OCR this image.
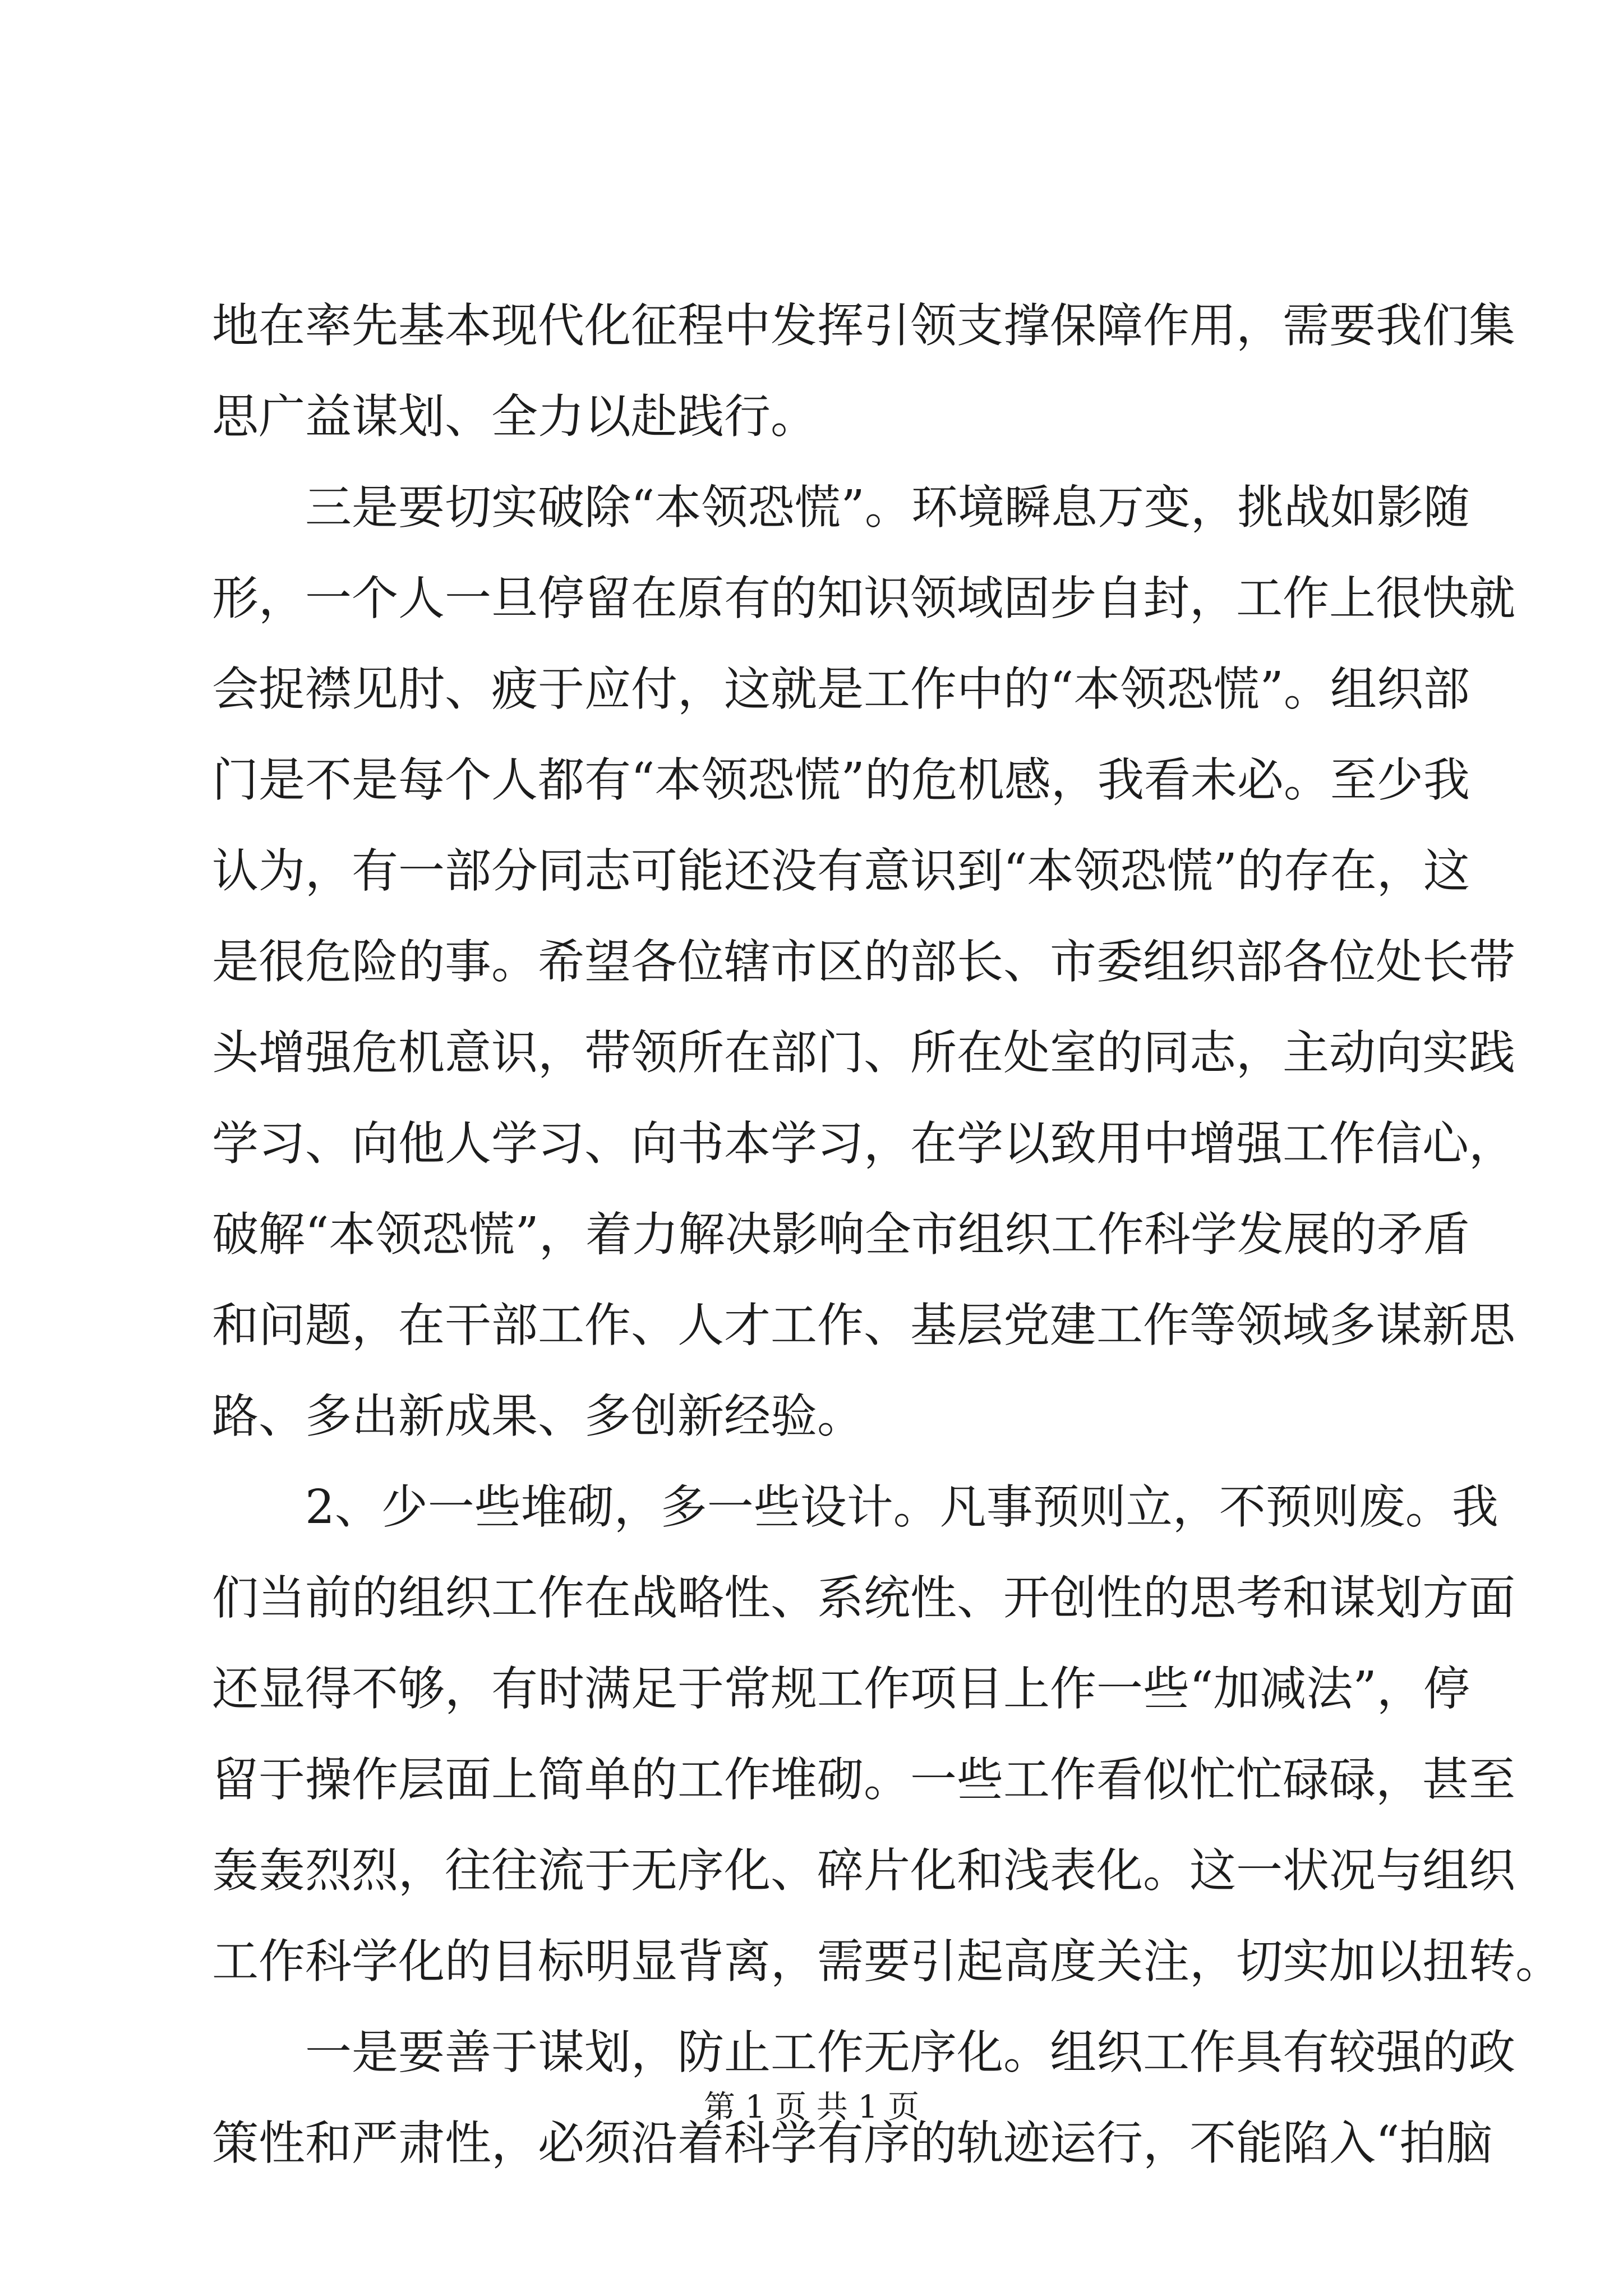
地在率先基本现代化征程中发挥引领支撑保障作用，需要我们集
思广益谋划、全力以赴践行。
三是要切实破除“本领恐慌”。环境瞬息万变，挑战如影随
形，一个人一旦停留在原有的知识领域固步自封，工作上很快就
会捉襟见肘、疲于应付，这就是工作中的“本领恐慌”。组织部
门是不是每个人都有“本领恐慌”的危机感，我看未必。至少我
认为，有一部分同志可能还没有意识到“本领恐慌”的存在，这
是很危险的事。希望各位辖市区的部长、市委组织部各位处长带
头增强危机意识，带领所在部门、所在处室的同志，主动向实践
学习、向他人学习、向书本学习，在学以致用中增强工作信心，
破解“本领恐慌”，着力解决影响全市组织工作科学发展的矛盾
和问题，在干部工作、人才工作、基层党建工作等领域多谋新思
路、多出新成果、多创新经验。
2、少一些堆砌，多一些设计。凡事预则立，不预则废。我
们当前的组织工作在战略性、系统性、开创性的思考和谋划方面
还显得不够，有时满足于常规工作项目上作一些“加减法”，停
留于操作层面上简单的工作堆砌。一些工作看似忙忙碌碌，甚至
轰轰烈烈，往往流于无序化、碎片化和浅表化。这一状况与组织
工作科学化的目标明显背离，需要引起高度关注，切实加以扭转。
一是要善于谋划，防止工作无序化。组织工作具有较强的政
策性和严肃性，必须沿着科学有序的轨迹运行，不能陷入“拍脑
第 1 页 共 1 页
